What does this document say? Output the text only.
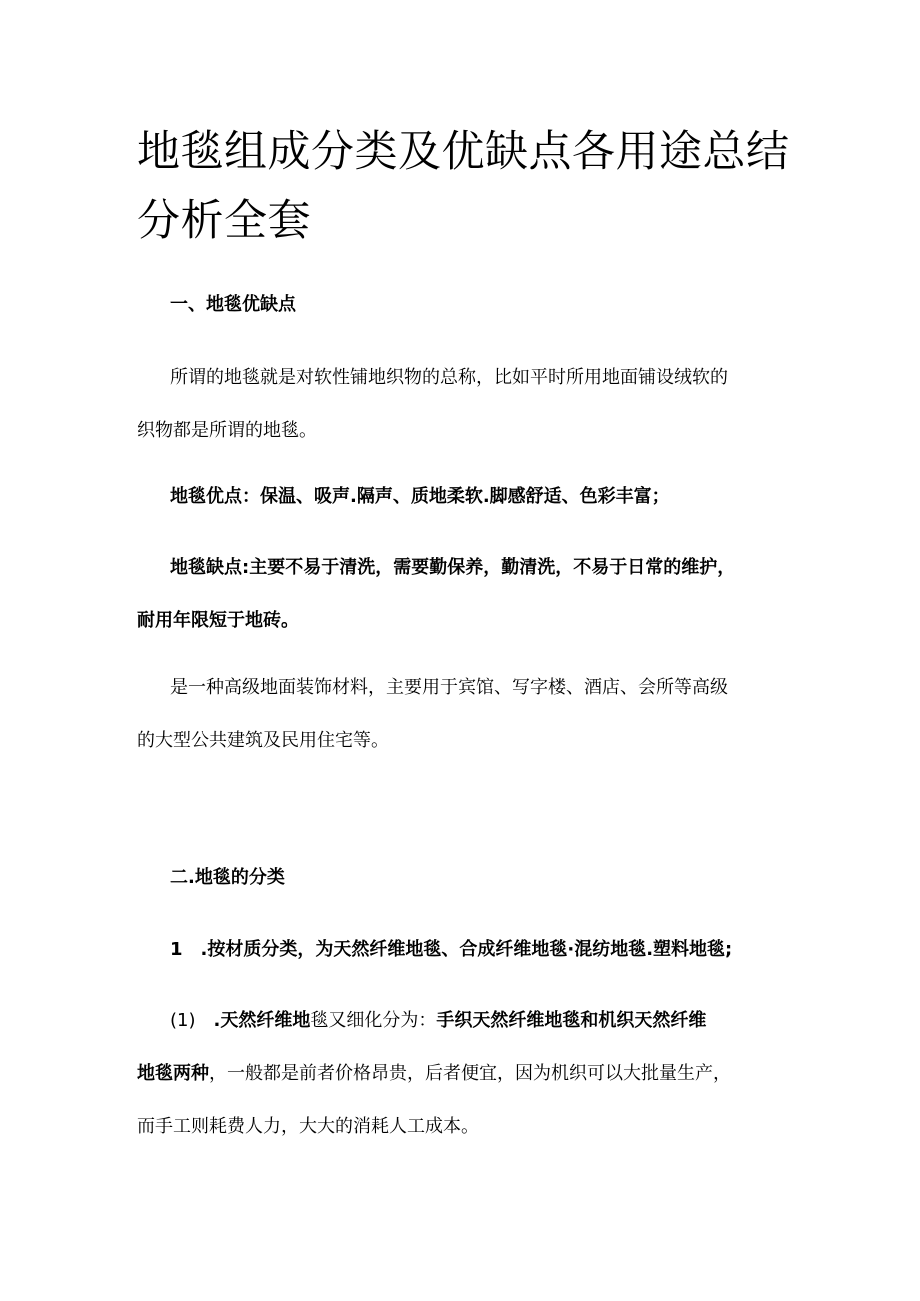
地毯组成分类及优缺点各用途总结
分析全套
一、地毯优缺点

所谓的地毯就是对软性铺地织物的总称，比如平时所用地面铺设绒软的
织物都是所谓的地毯。

地毯优点：保温、吸声.隔声、质地柔软.脚感舒适、色彩丰富；

地毯缺点:主要不易于清洗，需要勤保养，勤清洗，不易于日常的维护，
耐用年限短于地砖。

是一种高级地面装饰材料，主要用于宾馆、写字楼、酒店、会所等高级
的大型公共建筑及民用住宅等。

二.地毯的分类

1　.按材质分类，为天然纤维地毯、合成纤维地毯·混纺地毯.塑料地毯;

(1)　.天然纤维地毯又细化分为：手织天然纤维地毯和机织天然纤维
地毯两种，一般都是前者价格昂贵，后者便宜，因为机织可以大批量生产，
而手工则耗费人力，大大的消耗人工成本。
